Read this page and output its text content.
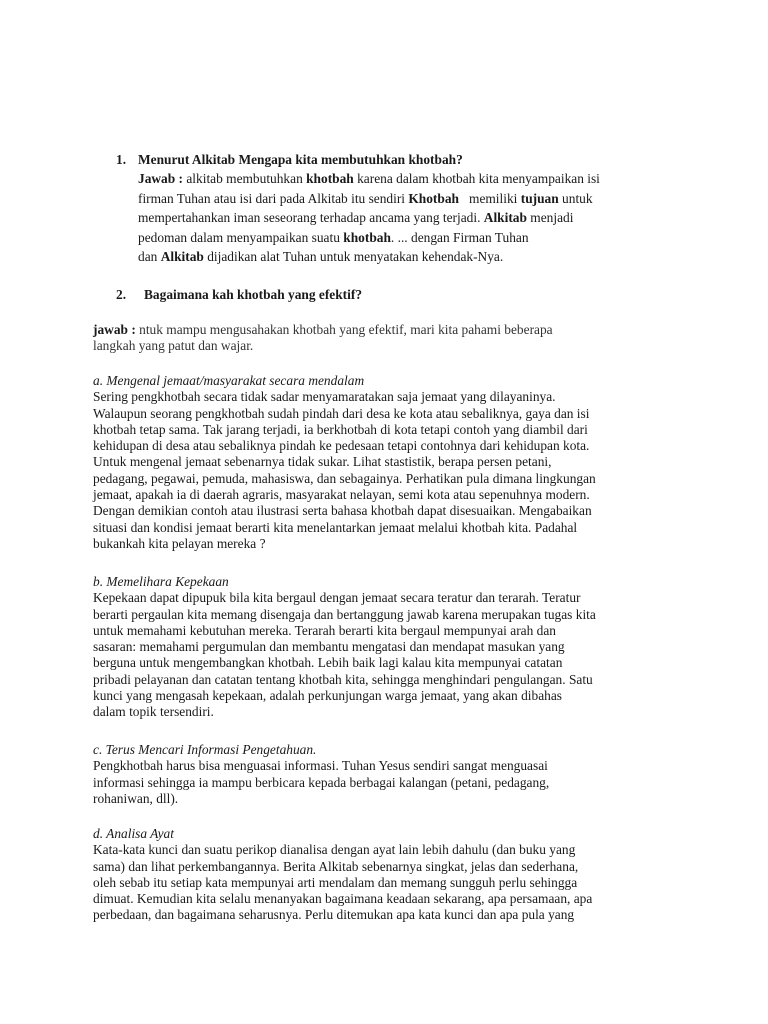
1. Menurut Alkitab Mengapa kita membutuhkan khotbah?
Jawab : alkitab membutuhkan khotbah karena dalam khotbah kita menyampaikan isi
firman Tuhan atau isi dari pada Alkitab itu sendiri Khotbah   memiliki tujuan untuk
mempertahankan iman seseorang terhadap ancama yang terjadi. Alkitab menjadi
pedoman dalam menyampaikan suatu khotbah. ... dengan Firman Tuhan
dan Alkitab dijadikan alat Tuhan untuk menyatakan kehendak-Nya.
2. Bagaimana kah khotbah yang efektif?
jawab : ntuk mampu mengusahakan khotbah yang efektif, mari kita pahami beberapa
langkah yang patut dan wajar.
a. Mengenal jemaat/masyarakat secara mendalam
Sering pengkhotbah secara tidak sadar menyamaratakan saja jemaat yang dilayaninya.
Walaupun seorang pengkhotbah sudah pindah dari desa ke kota atau sebaliknya, gaya dan isi
khotbah tetap sama. Tak jarang terjadi, ia berkhotbah di kota tetapi contoh yang diambil dari
kehidupan di desa atau sebaliknya pindah ke pedesaan tetapi contohnya dari kehidupan kota.
Untuk mengenal jemaat sebenarnya tidak sukar. Lihat stastistik, berapa persen petani,
pedagang, pegawai, pemuda, mahasiswa, dan sebagainya. Perhatikan pula dimana lingkungan
jemaat, apakah ia di daerah agraris, masyarakat nelayan, semi kota atau sepenuhnya modern.
Dengan demikian contoh atau ilustrasi serta bahasa khotbah dapat disesuaikan. Mengabaikan
situasi dan kondisi jemaat berarti kita menelantarkan jemaat melalui khotbah kita. Padahal
bukankah kita pelayan mereka ?
b. Memelihara Kepekaan
Kepekaan dapat dipupuk bila kita bergaul dengan jemaat secara teratur dan terarah. Teratur
berarti pergaulan kita memang disengaja dan bertanggung jawab karena merupakan tugas kita
untuk memahami kebutuhan mereka. Terarah berarti kita bergaul mempunyai arah dan
sasaran: memahami pergumulan dan membantu mengatasi dan mendapat masukan yang
berguna untuk mengembangkan khotbah. Lebih baik lagi kalau kita mempunyai catatan
pribadi pelayanan dan catatan tentang khotbah kita, sehingga menghindari pengulangan. Satu
kunci yang mengasah kepekaan, adalah perkunjungan warga jemaat, yang akan dibahas
dalam topik tersendiri.
c. Terus Mencari Informasi Pengetahuan.
Pengkhotbah harus bisa menguasai informasi. Tuhan Yesus sendiri sangat menguasai
informasi sehingga ia mampu berbicara kepada berbagai kalangan (petani, pedagang,
rohaniwan, dll).
d. Analisa Ayat
Kata-kata kunci dan suatu perikop dianalisa dengan ayat lain lebih dahulu (dan buku yang
sama) dan lihat perkembangannya. Berita Alkitab sebenarnya singkat, jelas dan sederhana,
oleh sebab itu setiap kata mempunyai arti mendalam dan memang sungguh perlu sehingga
dimuat. Kemudian kita selalu menanyakan bagaimana keadaan sekarang, apa persamaan, apa
perbedaan, dan bagaimana seharusnya. Perlu ditemukan apa kata kunci dan apa pula yang
